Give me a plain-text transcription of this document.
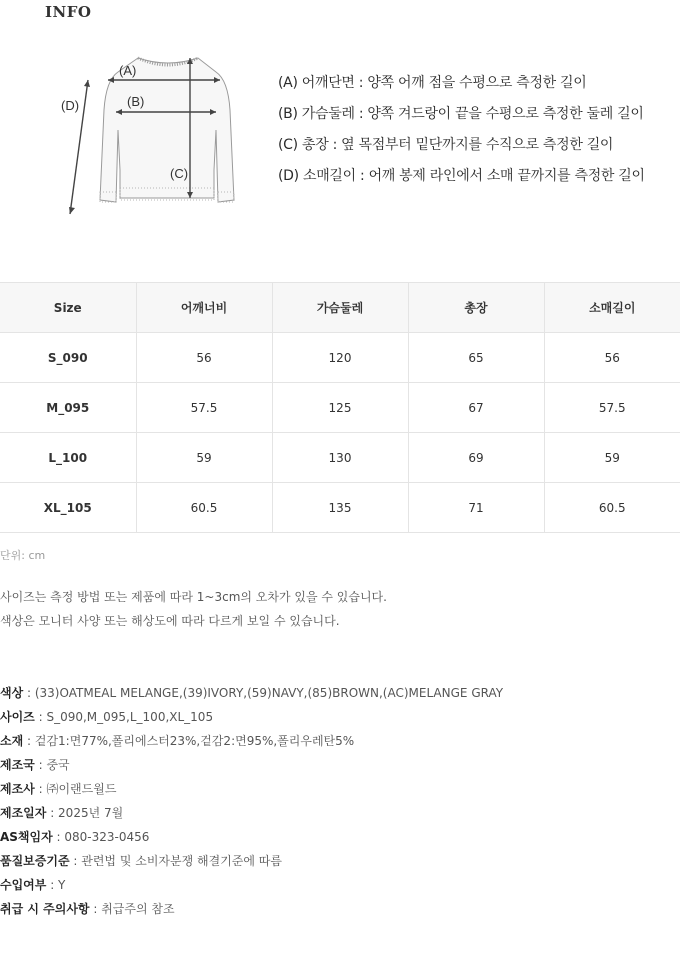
INFO
(A)
(B)
(C)
(D)
(A) 어깨단면 : 양쪽 어깨 점을 수평으로 측정한 길이
(B) 가슴둘레 : 양쪽 겨드랑이 끝을 수평으로 측정한 둘레 길이
(C) 총장 : 옆 목점부터 밑단까지를 수직으로 측정한 길이
(D) 소매길이 : 어깨 봉제 라인에서 소매 끝까지를 측정한 길이
Size	어깨너비	가슴둘레	총장	소매길이
S_090	56	120	65	56
M_095	57.5	125	67	57.5
L_100	59	130	69	59
XL_105	60.5	135	71	60.5
단위: cm
사이즈는 측정 방법 또는 제품에 따라 1~3cm의 오차가 있을 수 있습니다.
색상은 모니터 사양 또는 해상도에 따라 다르게 보일 수 있습니다.
색상 : (33)OATMEAL MELANGE,(39)IVORY,(59)NAVY,(85)BROWN,(AC)MELANGE GRAY
사이즈 : S_090,M_095,L_100,XL_105
소재 : 겉감1:면77%,폴리에스터23%,겉감2:면95%,폴리우레탄5%
제조국 : 중국
제조사 : ㈜이랜드월드
제조일자 : 2025년 7월
AS책임자 : 080-323-0456
품질보증기준 : 관련법 및 소비자분쟁 해결기준에 따름
수입여부 : Y
취급 시 주의사항 : 취급주의 참조
